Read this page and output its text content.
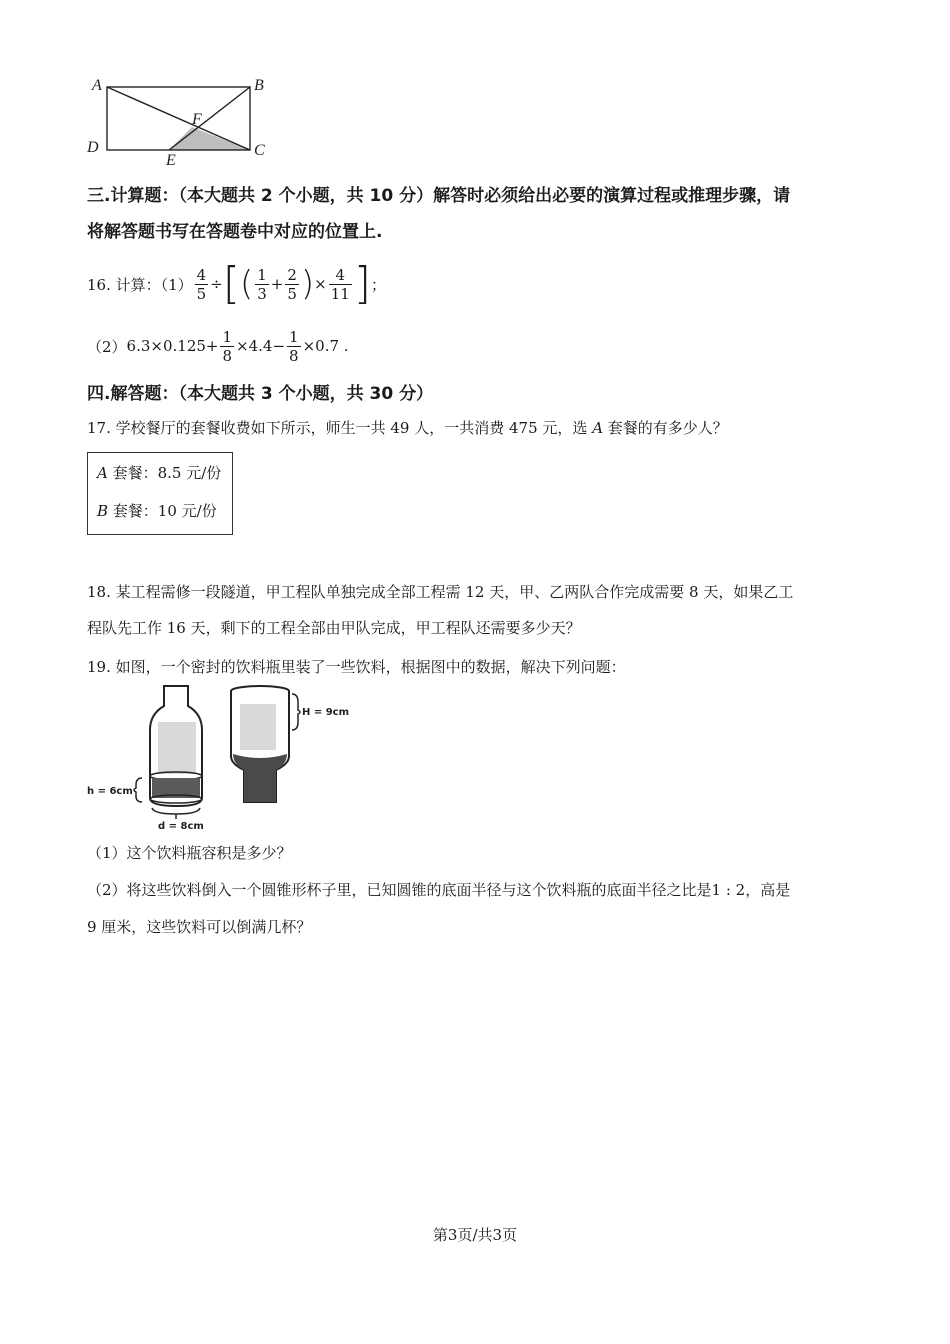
A	B
D	C
E
F
三.计算题：（本大题共 2 个小题，共 10 分）解答时必须给出必要的演算过程或推理步骤，请
将解答题书写在答题卷中对应的位置上.
16. 计算：$(1) \frac{4}{5}$ ÷ [ ( $\frac{1}{3} + \frac{2}{5}$ ) × $\frac{4}{11}$ ] ；
（2） $6.3\times 0.125+ \frac{1}{8} \times 4.4- \frac{1}{8} \times 0.7$ .
四.解答题：（本大题共 3 个小题，共 30 分）
17. 学校餐厅的套餐收费如下所示，师生一共 49 人，一共消费 475 元，选 A 套餐的有多少人？
A 套餐：8.5 元/份
B 套餐：10 元/份
18. 某工程需修一段隧道，甲工程队单独完成全部工程需 12 天，甲、乙两队合作完成需要 8 天，如果乙工
程队先工作 16 天，剩下的工程全部由甲队完成，甲工程队还需要多少天？
19. 如图，一个密封的饮料瓶里装了一些饮料，根据图中的数据，解决下列问题：
h = 6cm
d = 8cm
H = 9cm
（1）这个饮料瓶容积是多少？
（2）将这些饮料倒入一个圆锥形杯子里，已知圆锥的底面半径与这个饮料瓶的底面半径之比是1 : 2，高是
9 厘米，这些饮料可以倒满几杯？
第3页/共3页
